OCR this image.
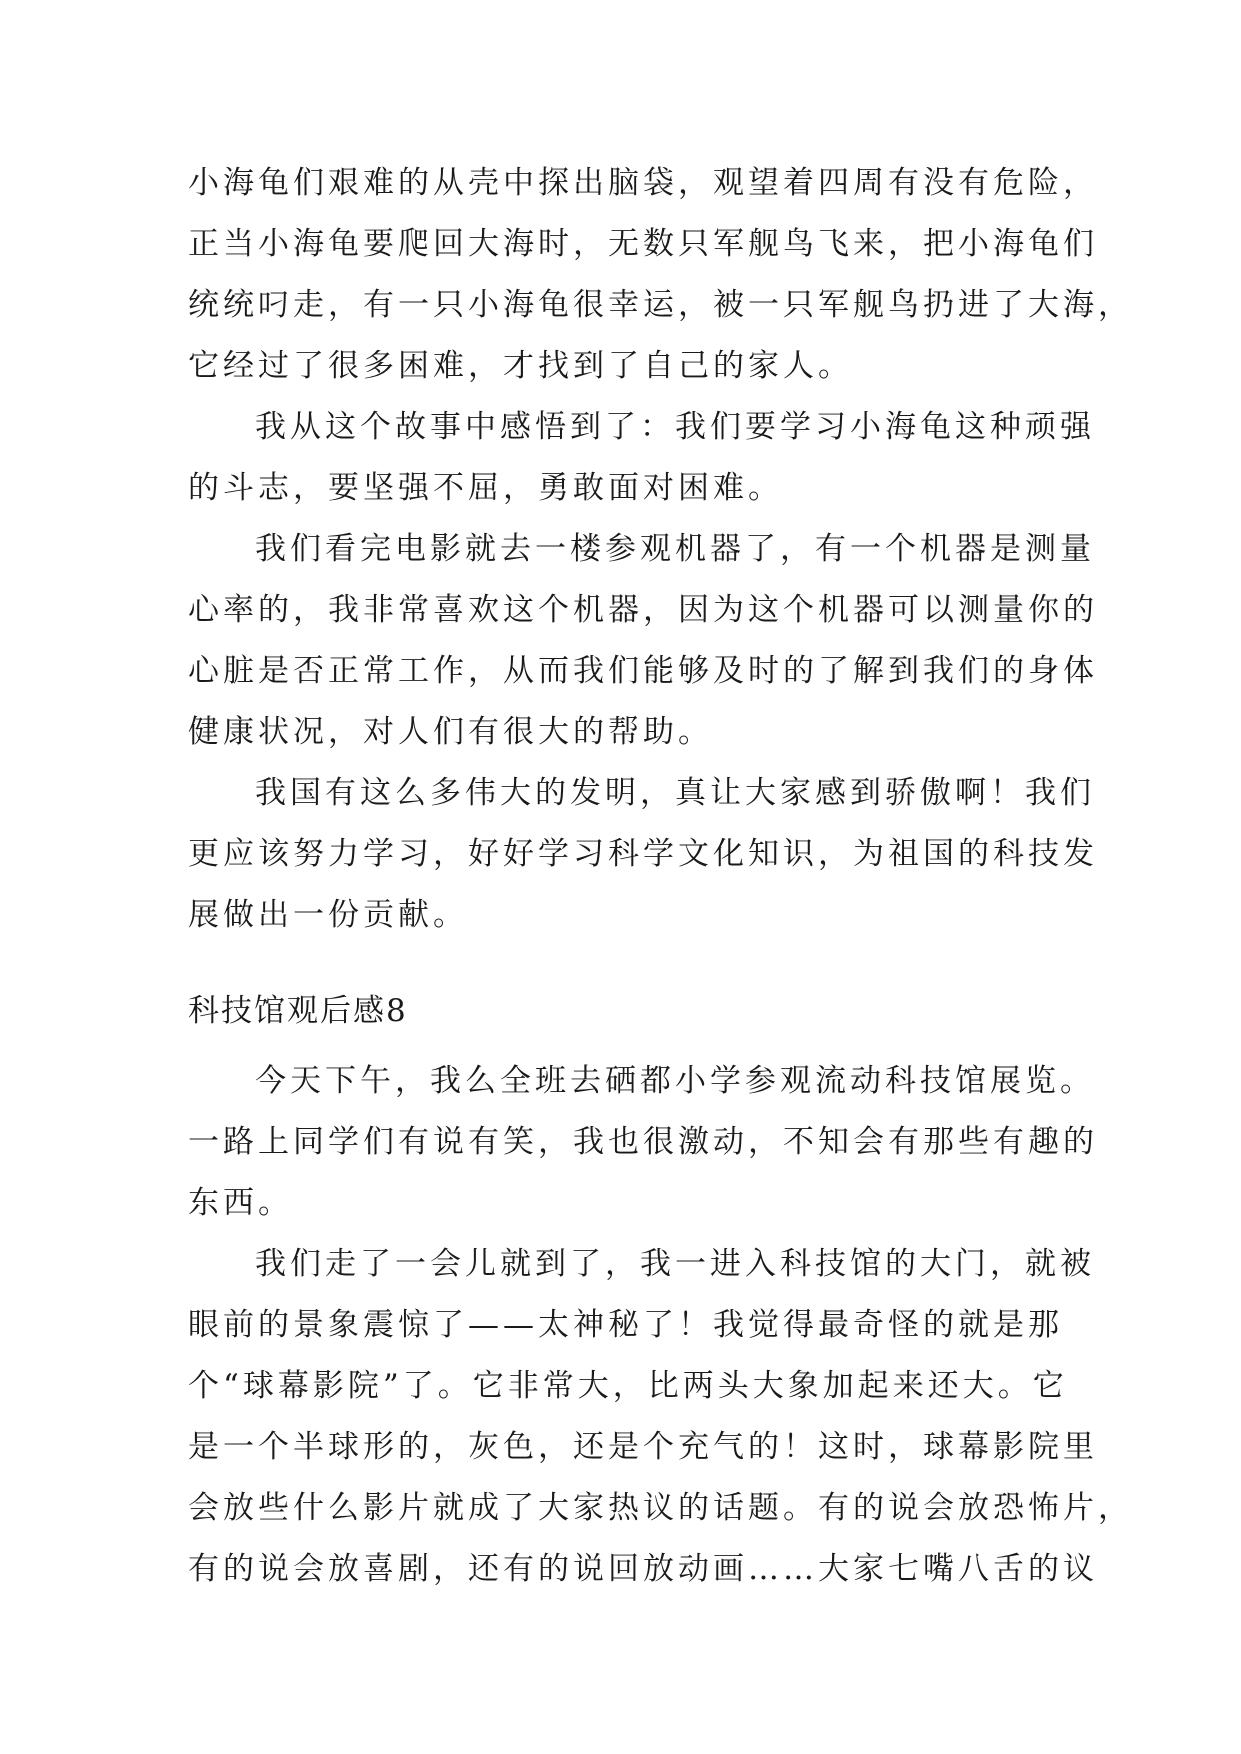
小海龟们艰难的从壳中探出脑袋，观望着四周有没有危险，
正当小海龟要爬回大海时，无数只军舰鸟飞来，把小海龟们
统统叼走，有一只小海龟很幸运，被一只军舰鸟扔进了大海，
它经过了很多困难，才找到了自己的家人。
我从这个故事中感悟到了：我们要学习小海龟这种顽强
的斗志，要坚强不屈，勇敢面对困难。
我们看完电影就去一楼参观机器了，有一个机器是测量
心率的，我非常喜欢这个机器，因为这个机器可以测量你的
心脏是否正常工作，从而我们能够及时的了解到我们的身体
健康状况，对人们有很大的帮助。
我国有这么多伟大的发明，真让大家感到骄傲啊！我们
更应该努力学习，好好学习科学文化知识，为祖国的科技发
展做出一份贡献。
科技馆观后感8
今天下午，我么全班去硒都小学参观流动科技馆展览。
一路上同学们有说有笑，我也很激动，不知会有那些有趣的
东西。
我们走了一会儿就到了，我一进入科技馆的大门，就被
眼前的景象震惊了——太神秘了！我觉得最奇怪的就是那
个“球幕影院”了。它非常大，比两头大象加起来还大。它
是一个半球形的，灰色，还是个充气的！这时，球幕影院里
会放些什么影片就成了大家热议的话题。有的说会放恐怖片，
有的说会放喜剧，还有的说回放动画……大家七嘴八舌的议
